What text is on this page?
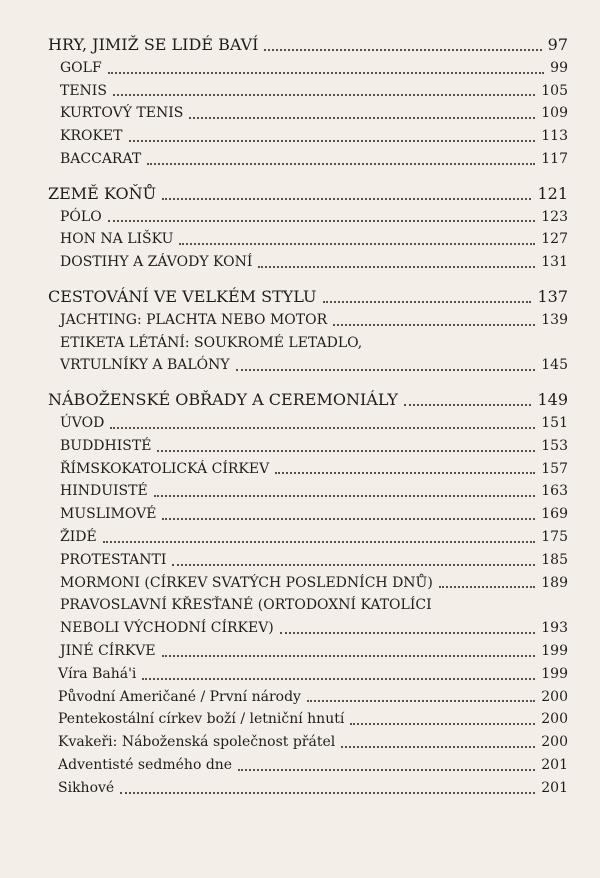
HRY, JIMIŽ SE LIDÉ BAVÍ	97
GOLF	99
TENIS	105
KURTOVÝ TENIS	109
KROKET	113
BACCARAT	117
ZEMĚ KOŇŮ	121
PÓLO	123
HON NA LIŠKU	127
DOSTIHY A ZÁVODY KONÍ	131
CESTOVÁNÍ VE VELKÉM STYLU	137
JACHTING: PLACHTA NEBO MOTOR	139
ETIKETA LÉTÁNÍ: SOUKROMÉ LETADLO,
VRTULNÍKY A BALÓNY	145
NÁBOŽENSKÉ OBŘADY A CEREMONIÁLY	149
ÚVOD	151
BUDDHISTÉ	153
ŘÍMSKOKATOLICKÁ CÍRKEV	157
HINDUISTÉ	163
MUSLIMOVÉ	169
ŽIDÉ	175
PROTESTANTI	185
MORMONI (CÍRKEV SVATÝCH POSLEDNÍCH DNŮ)	189
PRAVOSLAVNÍ KŘESŤANÉ (ORTODOXNÍ KATOLÍCI
NEBOLI VÝCHODNÍ CÍRKEV)	193
JINÉ CÍRKVE	199
Víra Bahá'i	199
Původní Američané / První národy	200
Pentekostální církev boží / letniční hnutí	200
Kvakeři: Náboženská společnost přátel	200
Adventisté sedmého dne	201
Sikhové	201
